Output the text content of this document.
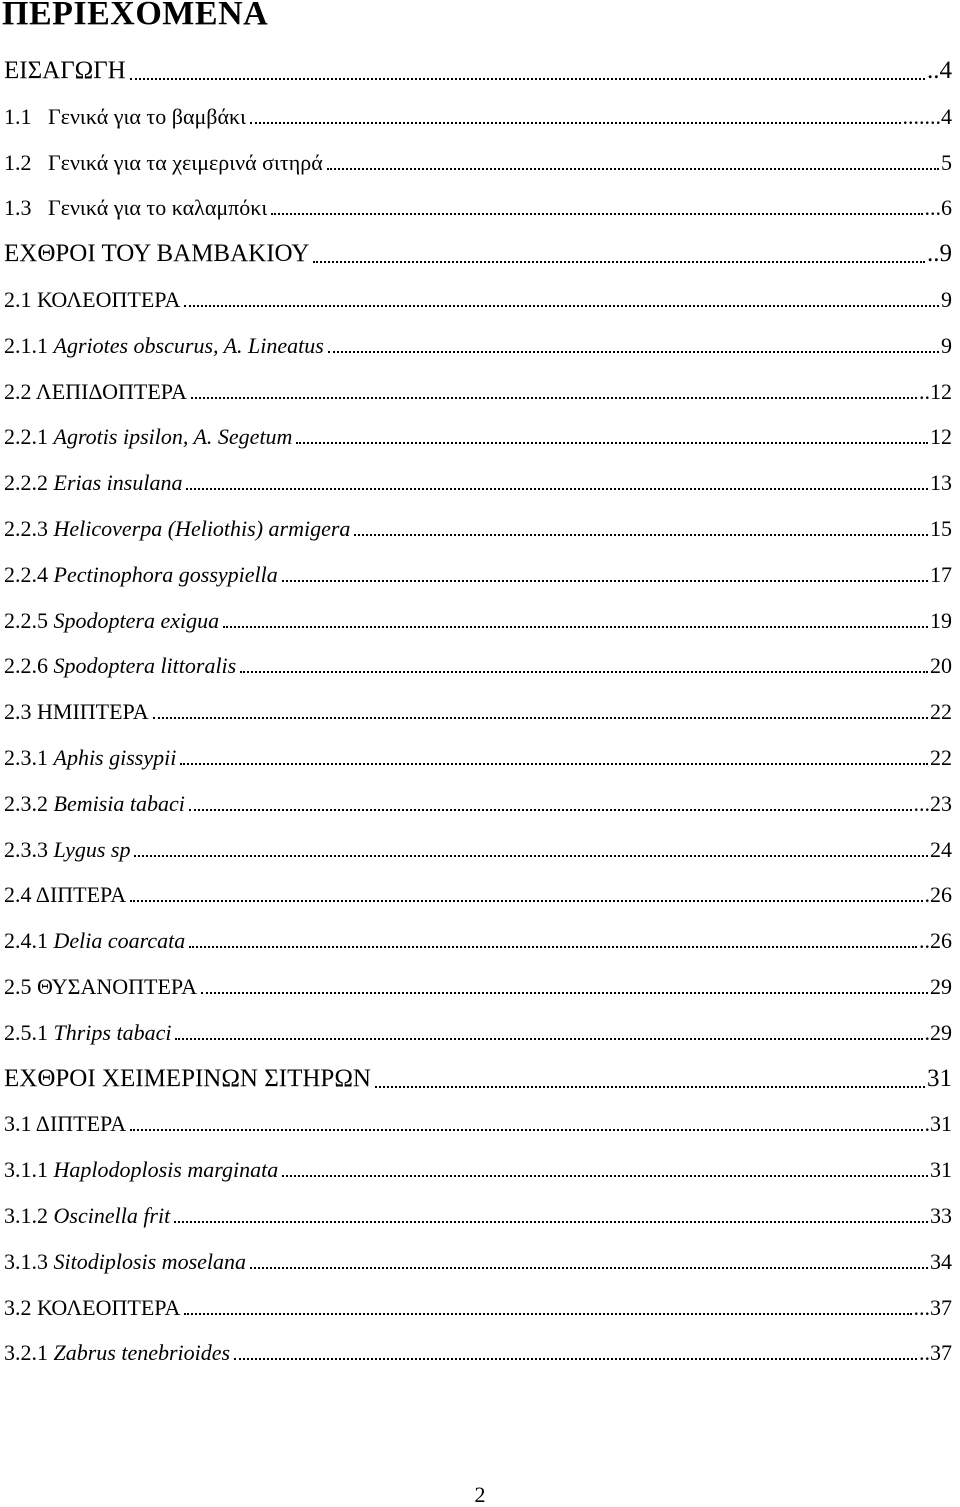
ΠΕΡΙΕΧΟΜΕΝΑ
ΕΙΣΑΓΩΓΗ	..4
1.1 Γενικά για το βαμβάκι	.......4
1.2 Γενικά για τα χειμερινά σιτηρά	5
1.3 Γενικά για το καλαμπόκι	...6
ΕΧΘΡΟΙ ΤΟΥ ΒΑΜΒΑΚΙΟΥ	..9
2.1 ΚΟΛΕΟΠΤΕΡΑ	9
2.1.1 Agriotes obscurus, A. Lineatus	9
2.2 ΛΕΠΙΔΟΠΤΕΡΑ	..12
2.2.1 Agrotis ipsilon, A. Segetum	12
2.2.2 Erias insulana	13
2.2.3 Helicoverpa (Heliothis) armigera	15
2.2.4 Pectinophora gossypiella	17
2.2.5 Spodoptera exigua	19
2.2.6 Spodoptera littoralis	20
2.3 ΗΜΙΠΤΕΡΑ	22
2.3.1 Aphis gissypii	22
2.3.2 Bemisia tabaci	...23
2.3.3 Lygus sp	24
2.4 ΔΙΠΤΕΡΑ	.26
2.4.1 Delia coarcata	..26
2.5 ΘΥΣΑΝΟΠΤΕΡΑ	29
2.5.1 Thrips tabaci	.29
ΕΧΘΡΟΙ ΧΕΙΜΕΡΙΝΩΝ ΣΙΤΗΡΩΝ	31
3.1 ΔΙΠΤΕΡΑ	.31
3.1.1 Haplodoplosis marginata	31
3.1.2 Oscinella frit	33
3.1.3 Sitodiplosis moselana	34
3.2 ΚΟΛΕΟΠΤΕΡΑ	...37
3.2.1 Zabrus tenebrioides	..37
2
